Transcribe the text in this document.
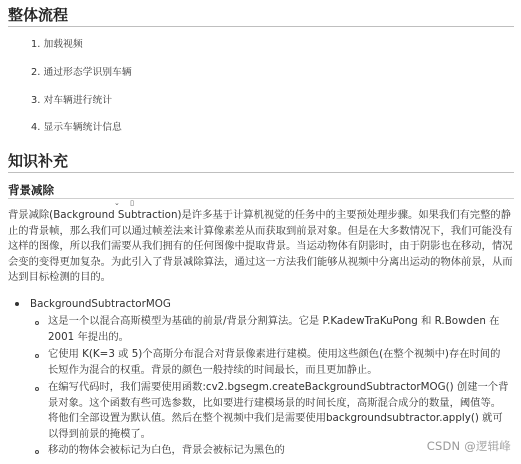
整体流程
1. 加载视频
2. 通过形态学识别车辆
3. 对车辆进行统计
4. 显示车辆统计信息
知识补充
背景减除
⌄ ▯

背景减除(Background Subtraction)是许多基于计算机视觉的任务中的主要预处理步骤。如果我们有完整的静止的背景帧，那么我们可以通过帧差法来计算像素差从而获取到前景对象。但是在大多数情况下，我们可能没有这样的图像，所以我们需要从我们拥有的任何图像中提取背景。当运动物体有阴影时，由于阴影也在移动，情况会变的变得更加复杂。为此引入了背景减除算法，通过这一方法我们能够从视频中分离出运动的物体前景，从而达到目标检测的目的。

BackgroundSubtractorMOG

这是一个以混合高斯模型为基础的前景/背景分割算法。它是 P.KadewTraKuPong 和 R.Bowden 在 2001 年提出的。

它使用 K(K=3 或 5)个高斯分布混合对背景像素进行建模。使用这些颜色(在整个视频中)存在时间的长短作为混合的权重。背景的颜色一般持续的时间最长，而且更加静止。

在编写代码时，我们需要使用函数:cv2.bgsegm.createBackgroundSubtractorMOG() 创建一个背景对象。这个函数有些可选参数，比如要进行建模场景的时间长度，高斯混合成分的数量，阈值等。将他们全部设置为默认值。然后在整个视频中我们是需要使用backgroundsubtractor.apply() 就可以得到前景的掩模了。

移动的物体会被标记为白色，背景会被标记为黑色的	CSDN @逻辑峰
